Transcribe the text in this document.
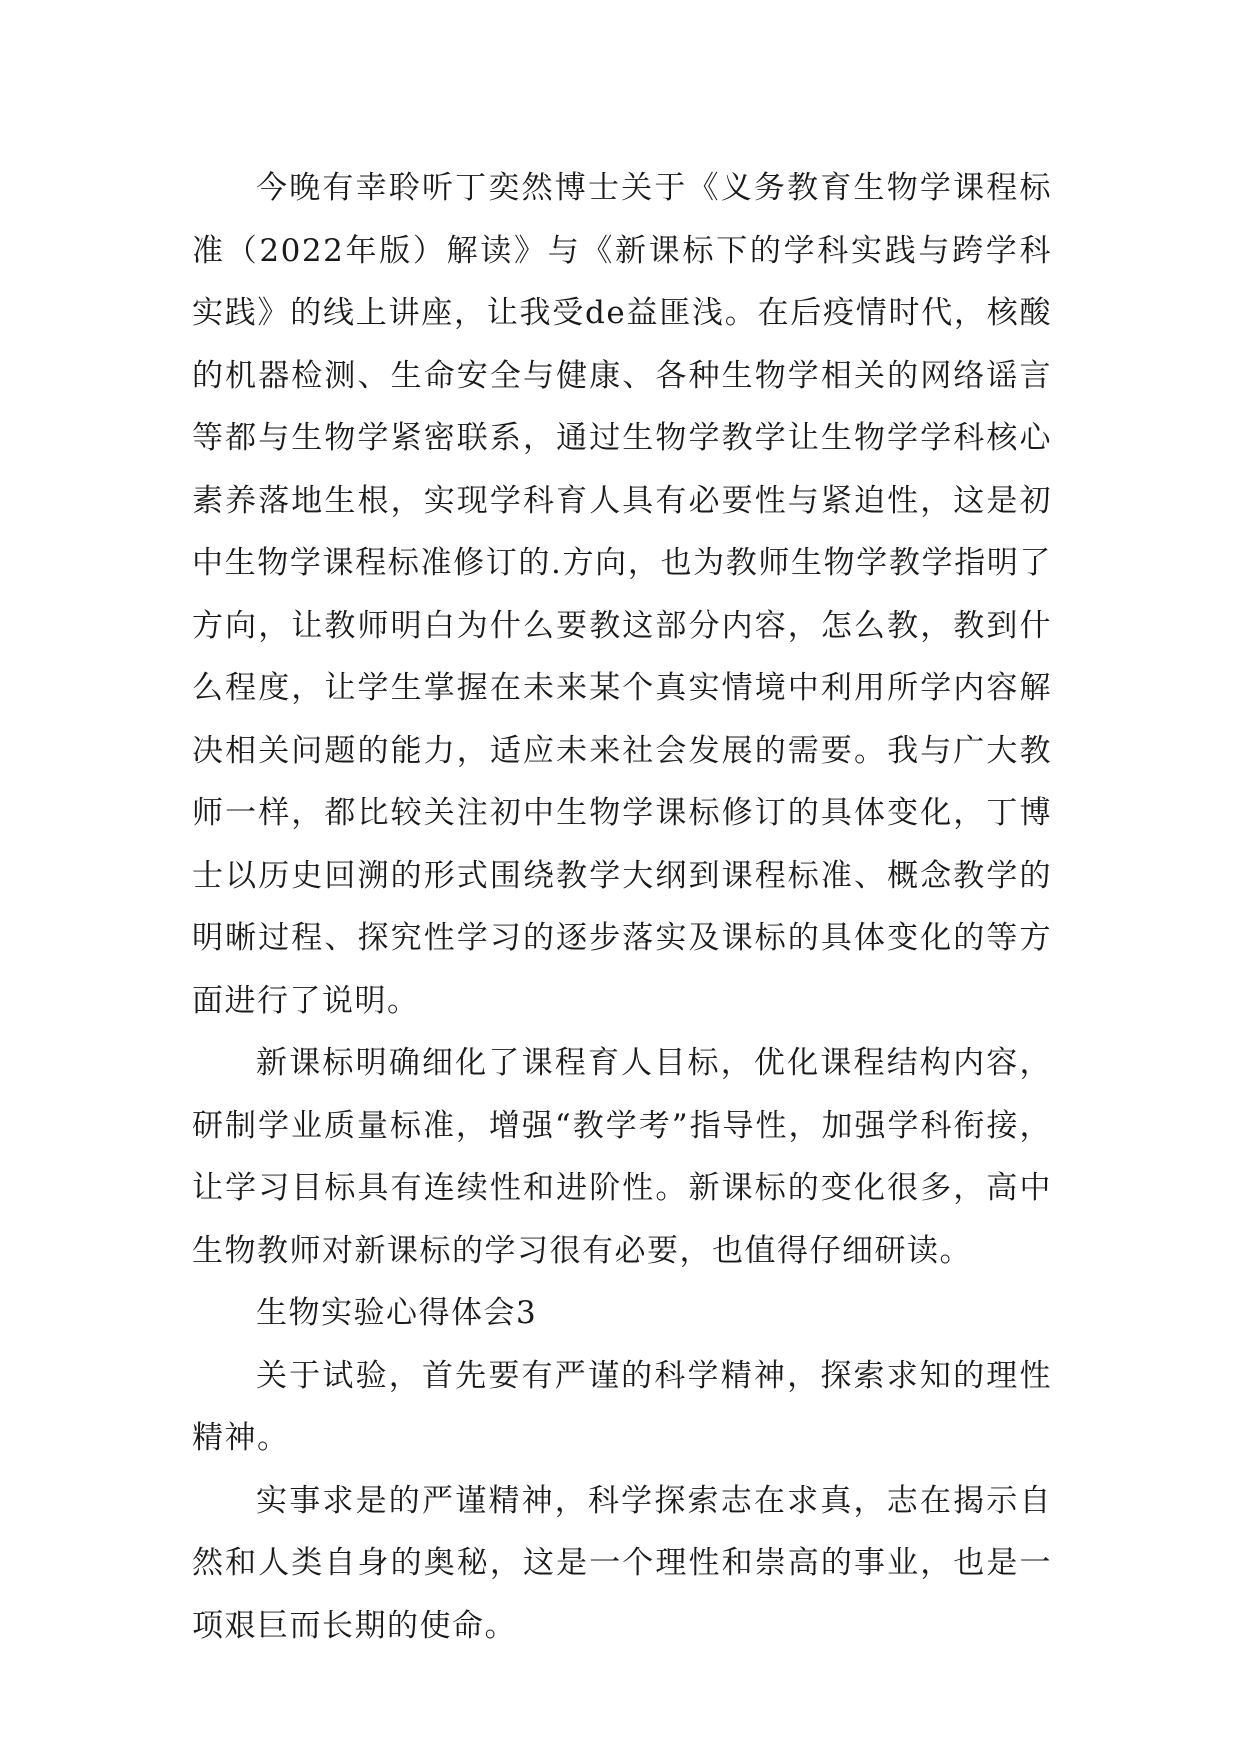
今晚有幸聆听丁奕然博士关于《义务教育生物学课程标准（2022年版）解读》与《新课标下的学科实践与跨学科实践》的线上讲座，让我受de益匪浅。在后疫情时代，核酸的机器检测、生命安全与健康、各种生物学相关的网络谣言等都与生物学紧密联系，通过生物学教学让生物学学科核心素养落地生根，实现学科育人具有必要性与紧迫性，这是初中生物学课程标准修订的.方向，也为教师生物学教学指明了方向，让教师明白为什么要教这部分内容，怎么教，教到什么程度，让学生掌握在未来某个真实情境中利用所学内容解决相关问题的能力，适应未来社会发展的需要。我与广大教师一样，都比较关注初中生物学课标修订的具体变化，丁博士以历史回溯的形式围绕教学大纲到课程标准、概念教学的明晰过程、探究性学习的逐步落实及课标的具体变化的等方面进行了说明。

新课标明确细化了课程育人目标，优化课程结构内容，研制学业质量标准，增强“教学考”指导性，加强学科衔接，让学习目标具有连续性和进阶性。新课标的变化很多，高中生物教师对新课标的学习很有必要，也值得仔细研读。

生物实验心得体会3

关于试验，首先要有严谨的科学精神，探索求知的理性精神。

实事求是的严谨精神，科学探索志在求真，志在揭示自然和人类自身的奥秘，这是一个理性和崇高的事业，也是一项艰巨而长期的使命。
